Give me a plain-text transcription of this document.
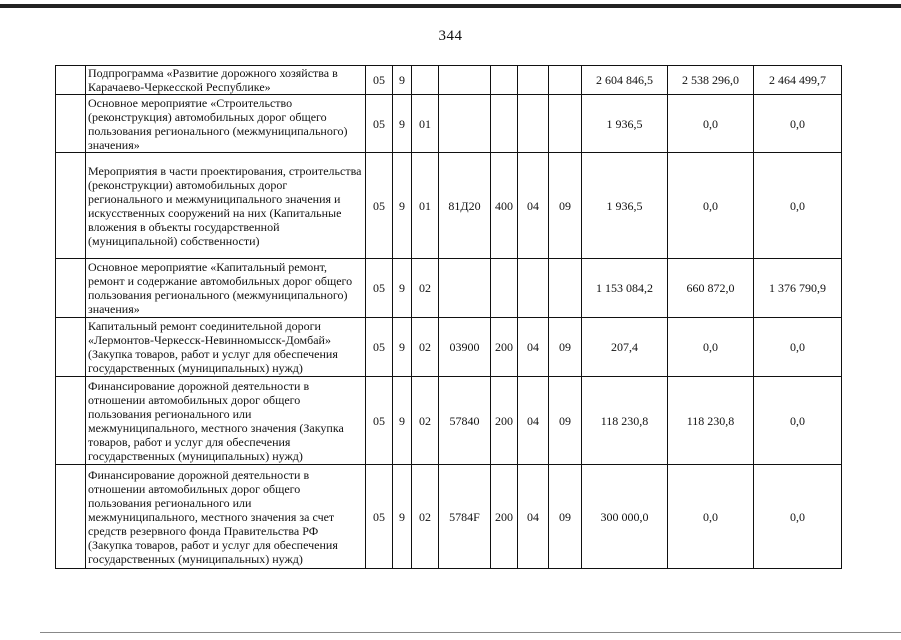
344
	Подпрограмма «Развитие дорожного хозяйства в Карачаево-Черкесской Республике»	05	9						2 604 846,5	2 538 296,0	2 464 499,7
	Основное мероприятие «Строительство (реконструкция) автомобильных дорог общего пользования регионального (межмуниципального) значения»	05	9	01					1 936,5	0,0	0,0
	Мероприятия в части проектирования, строительства (реконструкции) автомобильных дорог регионального и межмуниципального значения и искусственных сооружений на них (Капитальные вложения в объекты государственной (муниципальной) собственности)	05	9	01	81Д20	400	04	09	1 936,5	0,0	0,0
	Основное мероприятие «Капитальный ремонт, ремонт и содержание автомобильных дорог общего пользования регионального (межмуниципального) значения»	05	9	02					1 153 084,2	660 872,0	1 376 790,9
	Капитальный ремонт соединительной дороги «Лермонтов-Черкесск-Невинномысск-Домбай» (Закупка товаров, работ и услуг для обеспечения государственных (муниципальных) нужд)	05	9	02	03900	200	04	09	207,4	0,0	0,0
	Финансирование дорожной деятельности в отношении автомобильных дорог общего пользования регионального или межмуниципального, местного значения (Закупка товаров, работ и услуг для обеспечения государственных (муниципальных) нужд)	05	9	02	57840	200	04	09	118 230,8	118 230,8	0,0
	Финансирование дорожной деятельности в отношении автомобильных дорог общего пользования регионального или межмуниципального, местного значения за счет средств резервного фонда Правительства РФ (Закупка товаров, работ и услуг для обеспечения государственных (муниципальных) нужд)	05	9	02	5784F	200	04	09	300 000,0	0,0	0,0
